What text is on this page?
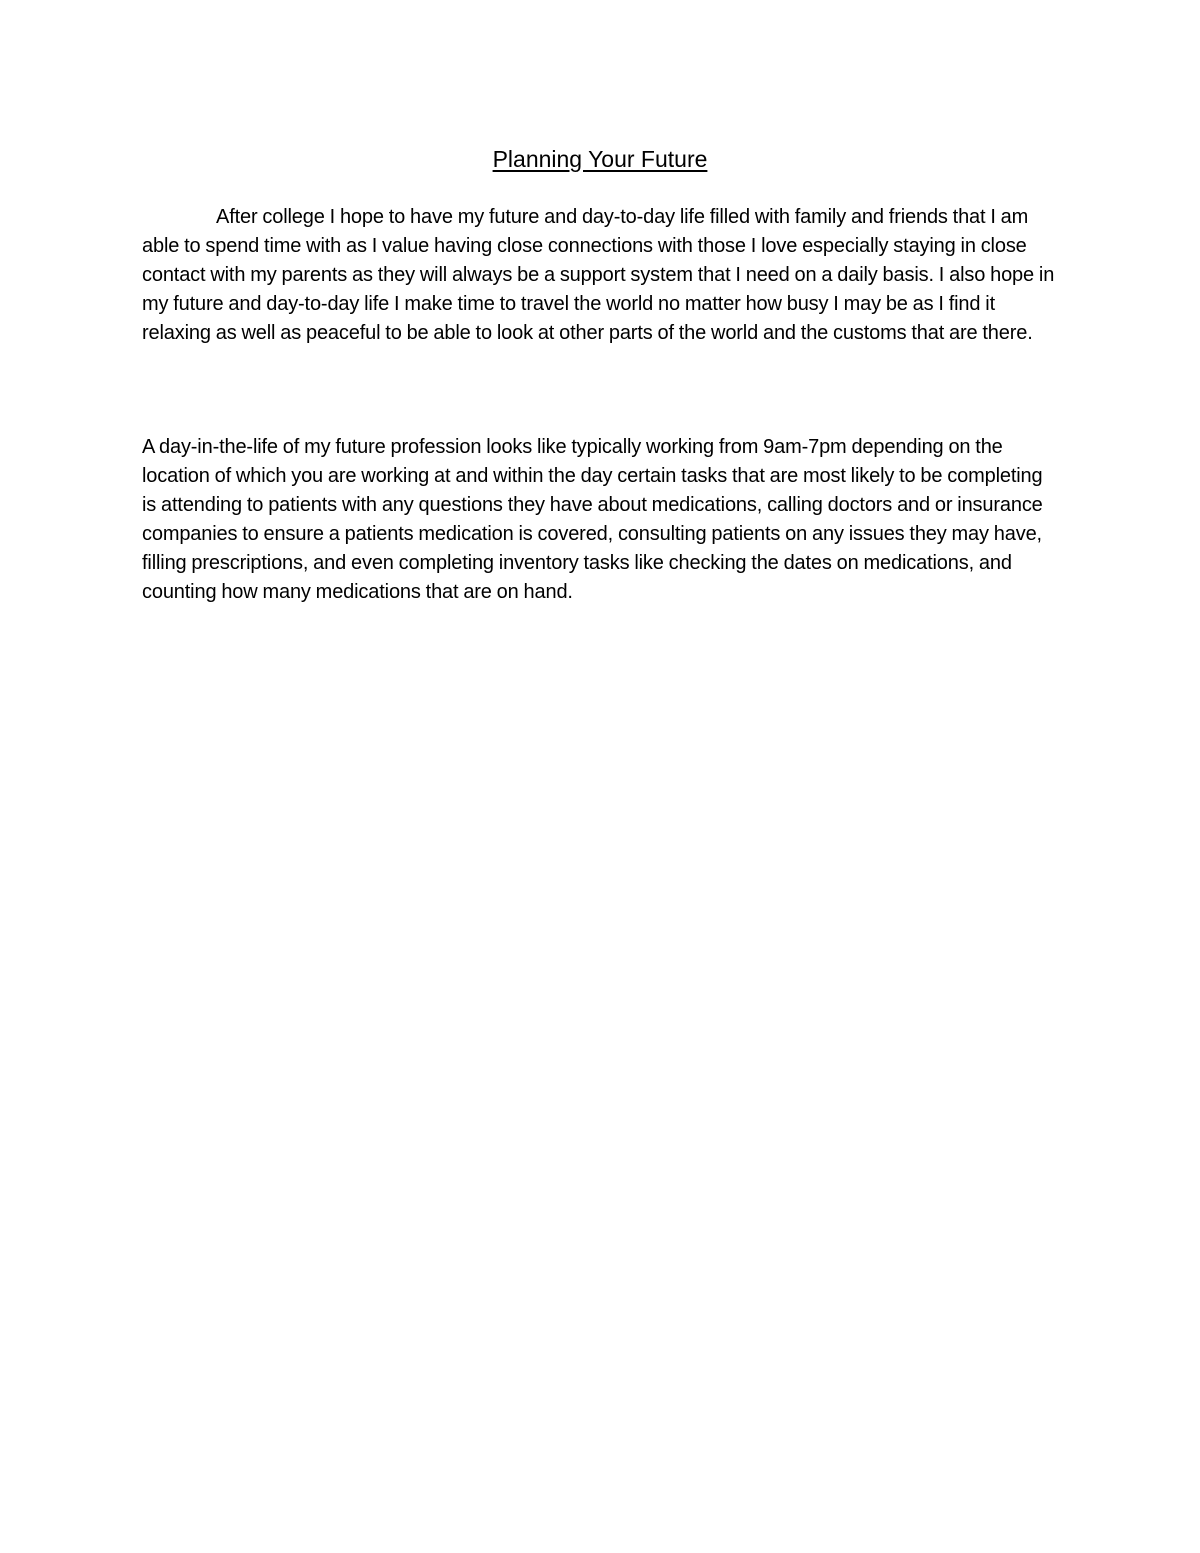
Planning Your Future

After college I hope to have my future and day-to-day life filled with family and friends that I am able to spend time with as I value having close connections with those I love especially staying in close contact with my parents as they will always be a support system that I need on a daily basis. I also hope in my future and day-to-day life I make time to travel the world no matter how busy I may be as I find it relaxing as well as peaceful to be able to look at other parts of the world and the customs that are there.

A day-in-the-life of my future profession looks like typically working from 9am-7pm depending on the location of which you are working at and within the day certain tasks that are most likely to be completing is attending to patients with any questions they have about medications, calling doctors and or insurance companies to ensure a patients medication is covered, consulting patients on any issues they may have, filling prescriptions, and even completing inventory tasks like checking the dates on medications, and counting how many medications that are on hand.
